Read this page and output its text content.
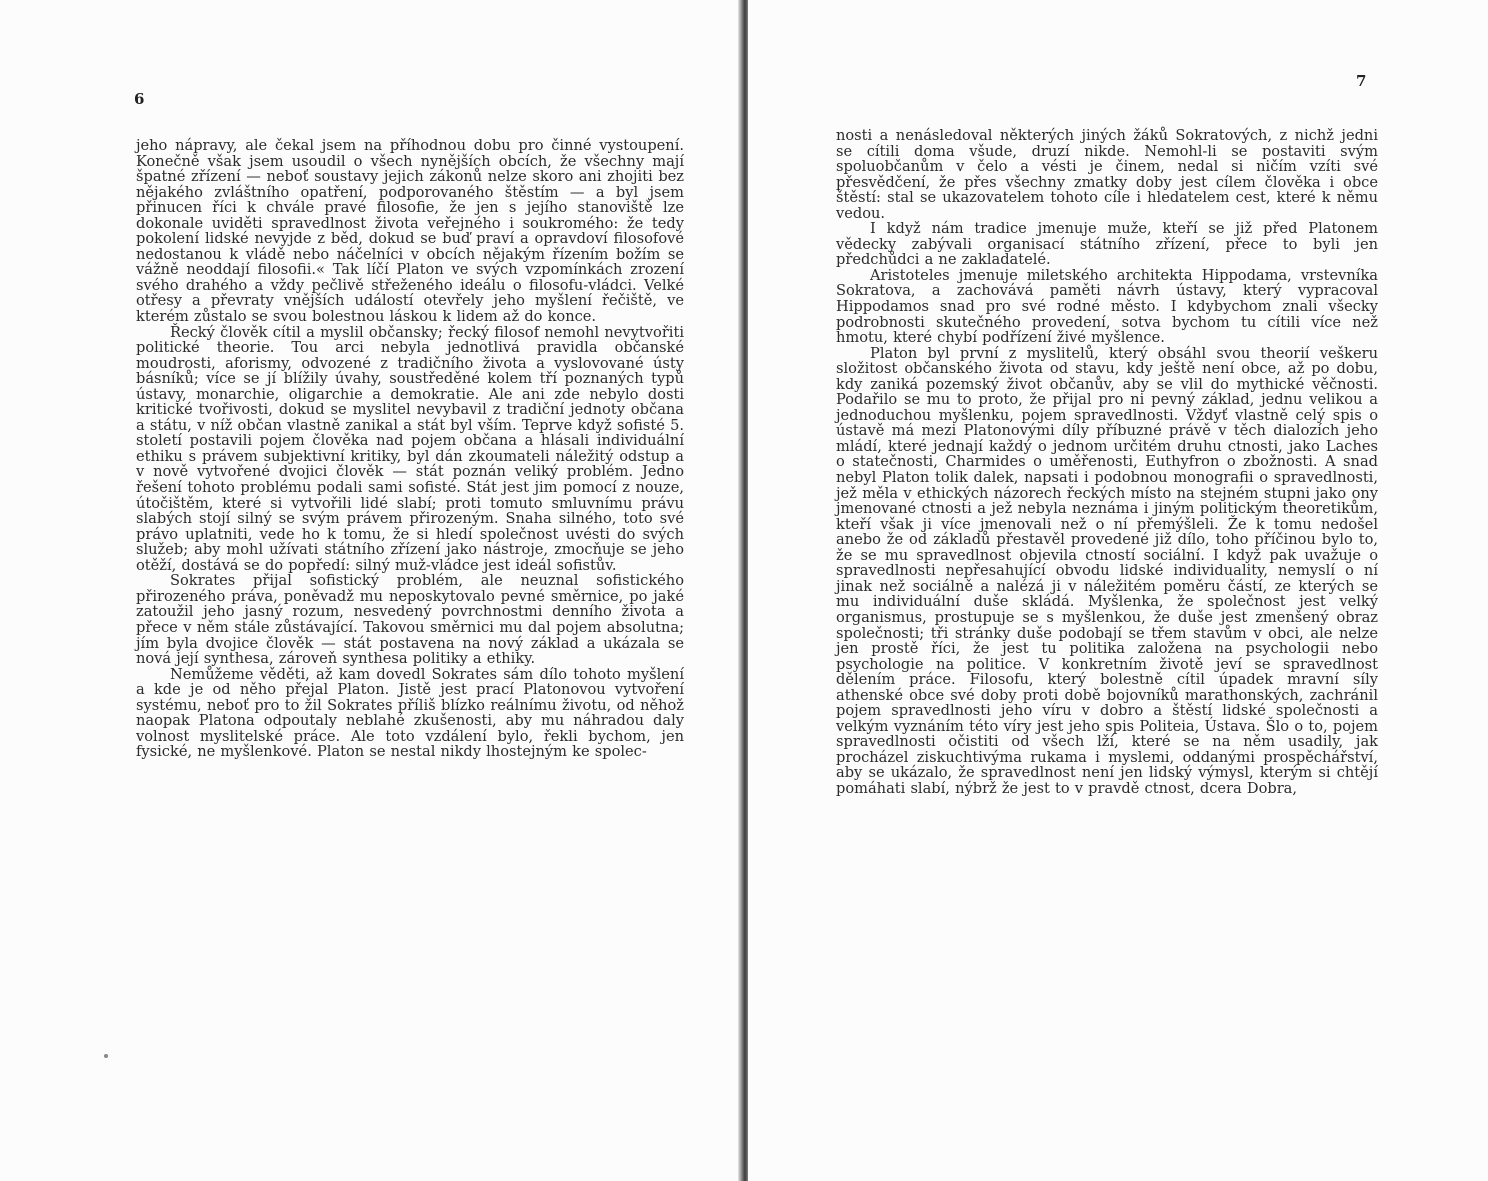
6

jeho nápravy, ale čekal jsem na příhodnou dobu pro činné vystoupení. Konečně však jsem usoudil o všech nynějších obcích, že všechny mají špatné zřízení — neboť soustavy jejich zákonů nelze skoro ani zhojiti bez nějakého zvláštního opatření, podporovaného štěstím — a byl jsem přinucen říci k chvále pravé filosofie, že jen s jejího stanoviště lze dokonale uviděti spravedlnost života veřejného i soukromého: že tedy pokolení lidské nevyjde z běd, dokud se buď praví a opravdoví filosofové nedostanou k vládě nebo náčelníci v obcích nějakým řízením božím se vážně neoddají filosofii.« Tak líčí Platon ve svých vzpomínkách zrození svého drahého a vždy pečlivě střeženého ideálu o filosofu-vládci. Velké otřesy a převraty vnějších událostí otevřely jeho myšlení řečiště, ve kterém zůstalo se svou bolestnou láskou k lidem až do konce.

Řecký člověk cítil a myslil občansky; řecký filosof nemohl nevytvořiti politické theorie. Tou arci nebyla jednotlivá pravidla občanské moudrosti, aforismy, odvozené z tradičního života a vyslovované ústy básníků; více se jí blížily úvahy, soustředěné kolem tří poznaných typů ústavy, monarchie, oligarchie a demokratie. Ale ani zde nebylo dosti kritické tvořivosti, dokud se myslitel nevybavil z tradiční jednoty občana a státu, v níž občan vlastně zanikal a stát byl vším. Teprve když sofisté 5. století postavili pojem člověka nad pojem občana a hlásali individuální ethiku s právem subjektivní kritiky, byl dán zkoumateli náležitý odstup a v nově vytvořené dvojici člověk — stát poznán veliký problém. Jedno řešení tohoto problému podali sami sofisté. Stát jest jim pomocí z nouze, útočištěm, které si vytvořili lidé slabí; proti tomuto smluvnímu právu slabých stojí silný se svým právem přirozeným. Snaha silného, toto své právo uplatniti, vede ho k tomu, že si hledí společnost uvésti do svých služeb; aby mohl užívati státního zřízení jako nástroje, zmocňuje se jeho otěží, dostává se do popředí: silný muž-vládce jest ideál sofistův.

Sokrates přijal sofistický problém, ale neuznal sofistického přirozeného práva, poněvadž mu neposkytovalo pevné směrnice, po jaké zatoužil jeho jasný rozum, nesvedený povrchnostmi denního života a přece v něm stále zůstávající. Takovou směrnici mu dal pojem absolutna; jím byla dvojice člověk — stát postavena na nový základ a ukázala se nová její synthesa, zároveň synthesa politiky a ethiky.

Nemůžeme věděti, až kam dovedl Sokrates sám dílo tohoto myšlení a kde je od něho přejal Platon. Jistě jest prací Platonovou vytvoření systému, neboť pro to žil Sokrates příliš blízko reálnímu životu, od něhož naopak Platona odpoutaly neblahé zkušenosti, aby mu náhradou daly volnost myslitelské práce. Ale toto vzdálení bylo, řekli bychom, jen fysické, ne myšlenkové. Platon se nestal nikdy lhostejným ke spolec-

nosti a nenásledoval některých jiných žáků Sokratových, z nichž jedni se cítili doma všude, druzí nikde. Nemohl-li se postaviti svým spoluobčanům v čelo a vésti je činem, nedal si ničím vzíti své přesvědčení, že přes všechny zmatky doby jest cílem člověka i obce štěstí: stal se ukazovatelem tohoto cíle i hledatelem cest, které k němu vedou.

I když nám tradice jmenuje muže, kteří se již před Platonem vědecky zabývali organisací státního zřízení, přece to byli jen předchůdci a ne zakladatelé.

Aristoteles jmenuje miletského architekta Hippodama, vrstevníka Sokratova, a zachovává paměti návrh ústavy, který vypracoval Hippodamos snad pro své rodné město. I kdybychom znali všecky podrobnosti skutečného provedení, sotva bychom tu cítili více než hmotu, které chybí podřízení živé myšlence.

Platon byl první z myslitelů, který obsáhl svou theorií veškeru složitost občanského života od stavu, kdy ještě není obce, až po dobu, kdy zaniká pozemský život občanův, aby se vlil do mythické věčnosti. Podařilo se mu to proto, že přijal pro ni pevný základ, jednu velikou a jednoduchou myšlenku, pojem spravedlnosti. Vždyť vlastně celý spis o ústavě má mezi Platonovými díly příbuzné právě v těch dialozích jeho mládí, které jednají každý o jednom určitém druhu ctnosti, jako Laches o statečnosti, Charmides o uměřenosti, Euthyfron o zbožnosti. A snad nebyl Platon tolik dalek, napsati i podobnou monografii o spravedlnosti, jež měla v ethických názorech řeckých místo na stejném stupni jako ony jmenované ctnosti a jež nebyla neznáma i jiným politickým theoretikům, kteří však ji více jmenovali než o ní přemýšleli. Že k tomu nedošel anebo že od základů přestavěl provedené již dílo, toho příčinou bylo to, že se mu spravedlnost objevila ctností sociální. I když pak uvažuje o spravedlnosti nepřesahující obvodu lidské individuality, nemyslí o ní jinak než sociálně a nalézá ji v náležitém poměru částí, ze kterých se mu individuální duše skládá. Myšlenka, že společnost jest velký organismus, prostupuje se s myšlenkou, že duše jest zmenšený obraz společnosti; tři stránky duše podobají se třem stavům v obci, ale nelze jen prostě říci, že jest tu politika založena na psychologii nebo psychologie na politice. V konkretním životě jeví se spravedlnost dělením práce. Filosofu, který bolestně cítil úpadek mravní síly athenské obce své doby proti době bojovníků marathonských, zachránil pojem spravedlnosti jeho víru v dobro a štěstí lidské společnosti a velkým vyznáním této víry jest jeho spis Politeia, Ústava. Šlo o to, pojem spravedlnosti očistiti od všech lží, které se na něm usadily, jak procházel ziskuchtivýma rukama i myslemi, oddanými prospěchářství, aby se ukázalo, že spravedlnost není jen lidský výmysl, kterým si chtějí pomáhati slabí, nýbrž že jest to v pravdě ctnost, dcera Dobra,

7
